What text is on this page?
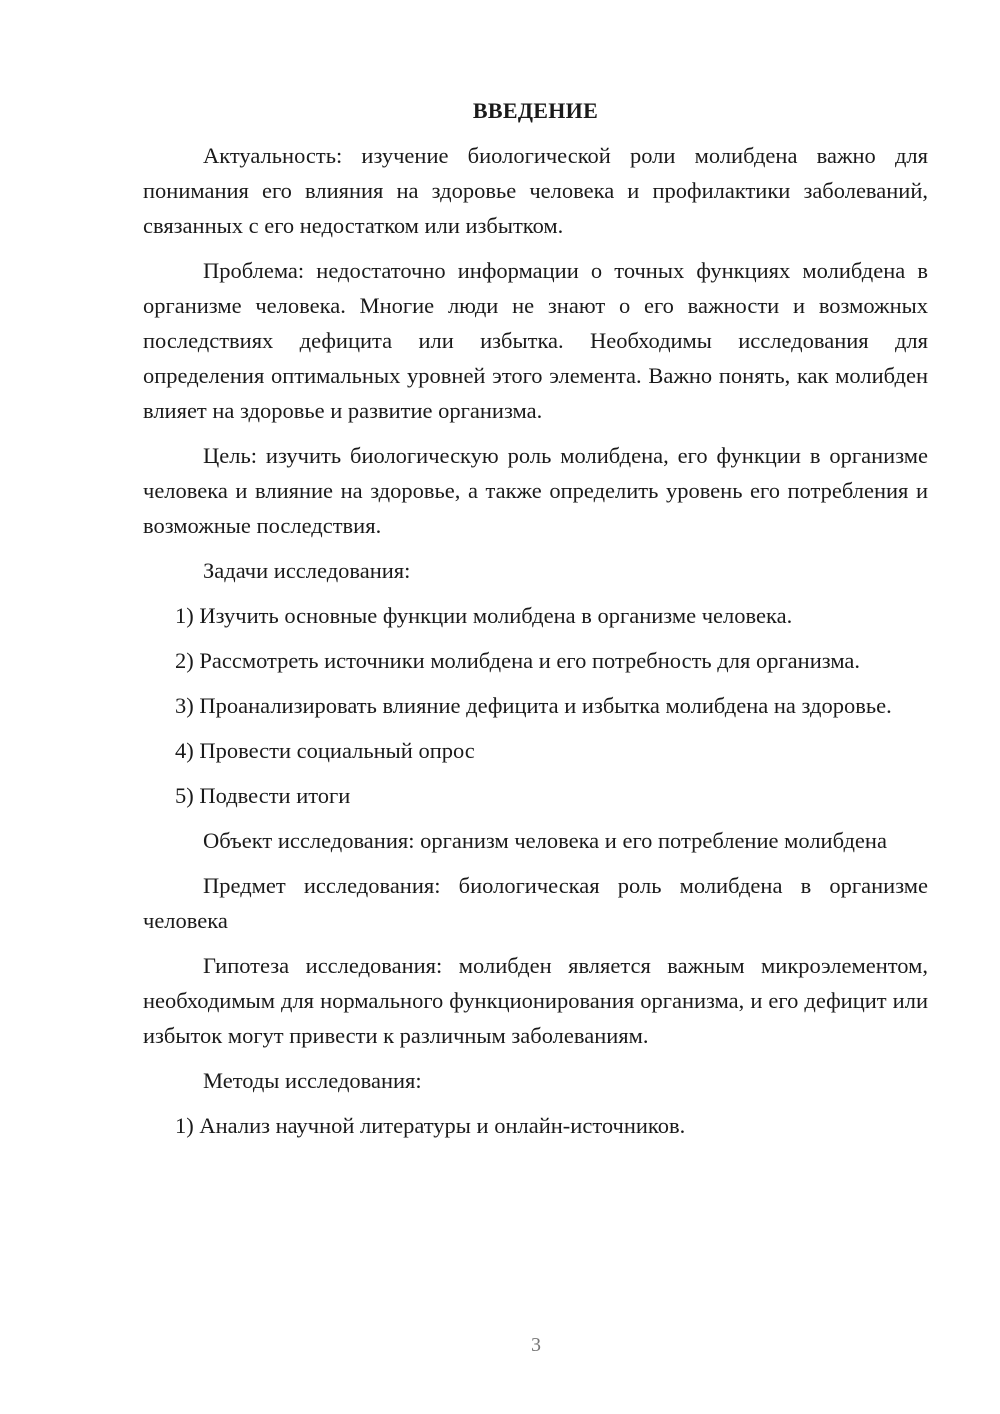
ВВЕДЕНИЕ

Актуальность: изучение биологической роли молибдена важно для понимания его влияния на здоровье человека и профилактики заболеваний, связанных с его недостатком или избытком.

Проблема: недостаточно информации о точных функциях молибдена в организме человека. Многие люди не знают о его важности и возможных последствиях дефицита или избытка. Необходимы исследования для определения оптимальных уровней этого элемента. Важно понять, как молибден влияет на здоровье и развитие организма.

Цель: изучить биологическую роль молибдена, его функции в организме человека и влияние на здоровье, а также определить уровень его потребления и возможные последствия.

Задачи исследования:

1) Изучить основные функции молибдена в организме человека.

2) Рассмотреть источники молибдена и его потребность для организма.

3) Проанализировать влияние дефицита и избытка молибдена на здоровье.

4) Провести социальный опрос

5) Подвести итоги

Объект исследования: организм человека и его потребление молибдена

Предмет исследования: биологическая роль молибдена в организме человека

Гипотеза исследования: молибден является важным микроэлементом, необходимым для нормального функционирования организма, и его дефицит или избыток могут привести к различным заболеваниям.

Методы исследования:

1) Анализ научной литературы и онлайн-источников.

3
